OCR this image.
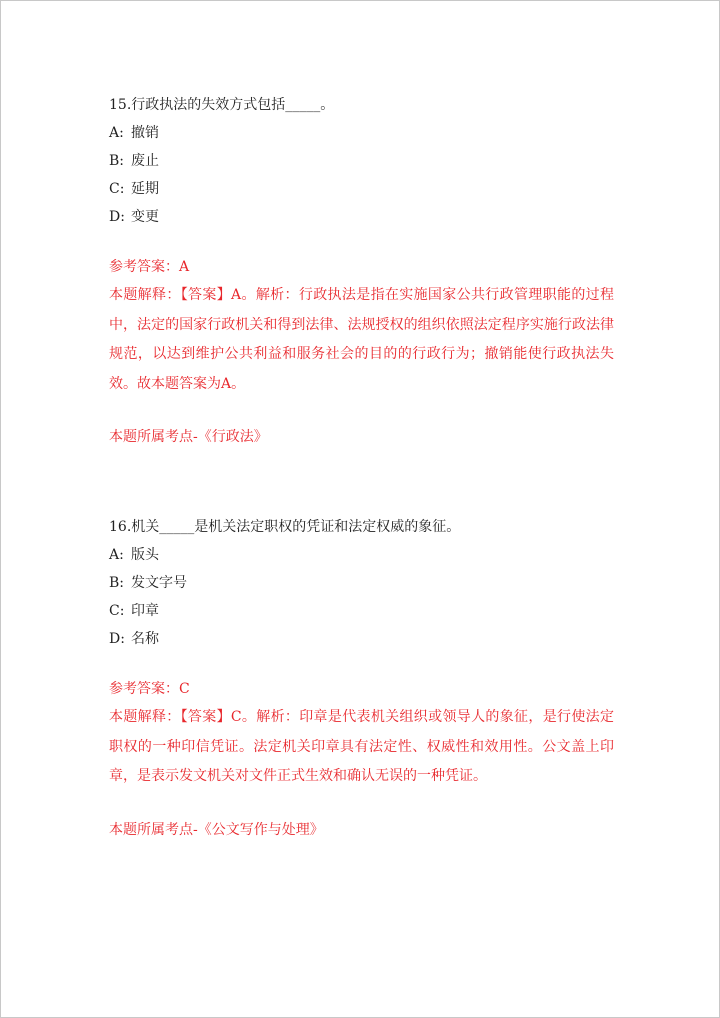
15.行政执法的失效方式包括_____。
A: 撤销
B: 废止
C: 延期
D: 变更
参考答案：A
本题解释：【答案】A。解析：行政执法是指在实施国家公共行政管理职能的过程中，法定的国家行政机关和得到法律、法规授权的组织依照法定程序实施行政法律规范，以达到维护公共利益和服务社会的目的的行政行为；撤销能使行政执法失效。故本题答案为A。
本题所属考点-《行政法》
16.机关_____是机关法定职权的凭证和法定权威的象征。
A: 版头
B: 发文字号
C: 印章
D: 名称
参考答案：C
本题解释：【答案】C。解析：印章是代表机关组织或领导人的象征，是行使法定职权的一种印信凭证。法定机关印章具有法定性、权威性和效用性。公文盖上印章，是表示发文机关对文件正式生效和确认无误的一种凭证。
本题所属考点-《公文写作与处理》
